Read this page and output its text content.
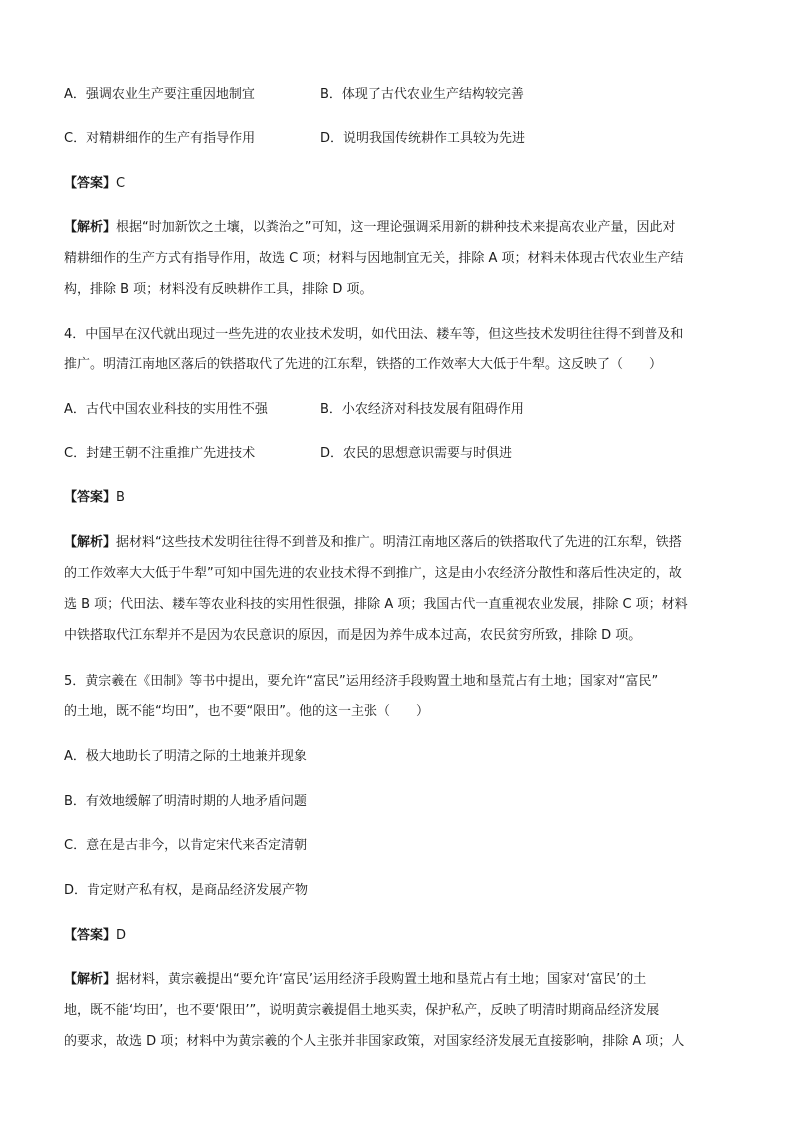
A．强调农业生产要注重因地制宜	B．体现了古代农业生产结构较完善
C．对精耕细作的生产有指导作用	D．说明我国传统耕作工具较为先进
【答案】C
【解析】根据“时加新饮之土壤，以粪治之”可知，这一理论强调采用新的耕种技术来提高农业产量，因此对
精耕细作的生产方式有指导作用，故选 C 项；材料与因地制宜无关，排除 A 项；材料未体现古代农业生产结
构，排除 B 项；材料没有反映耕作工具，排除 D 项。
4．中国早在汉代就出现过一些先进的农业技术发明，如代田法、耧车等，但这些技术发明往往得不到普及和
推广。明清江南地区落后的铁搭取代了先进的江东犁，铁搭的工作效率大大低于牛犁。这反映了（　　）
A．古代中国农业科技的实用性不强	B．小农经济对科技发展有阻碍作用
C．封建王朝不注重推广先进技术	D．农民的思想意识需要与时俱进
【答案】B
【解析】据材料“这些技术发明往往得不到普及和推广。明清江南地区落后的铁搭取代了先进的江东犁，铁搭
的工作效率大大低于牛犁”可知中国先进的农业技术得不到推广，这是由小农经济分散性和落后性决定的，故
选 B 项；代田法、耧车等农业科技的实用性很强，排除 A 项；我国古代一直重视农业发展，排除 C 项；材料
中铁搭取代江东犁并不是因为农民意识的原因，而是因为养牛成本过高，农民贫穷所致，排除 D 项。
5．黄宗羲在《田制》等书中提出，要允许“富民”运用经济手段购置土地和垦荒占有土地；国家对“富民”
的土地，既不能“均田”，也不要“限田”。他的这一主张（　　）
A．极大地助长了明清之际的土地兼并现象
B．有效地缓解了明清时期的人地矛盾问题
C．意在是古非今，以肯定宋代来否定清朝
D．肯定财产私有权，是商品经济发展产物
【答案】D
【解析】据材料，黄宗羲提出“要允许‘富民’运用经济手段购置土地和垦荒占有土地；国家对‘富民’的土
地，既不能‘均田’，也不要‘限田’”，说明黄宗羲提倡土地买卖，保护私产，反映了明清时期商品经济发展
的要求，故选 D 项；材料中为黄宗羲的个人主张并非国家政策，对国家经济发展无直接影响，排除 A 项；人
